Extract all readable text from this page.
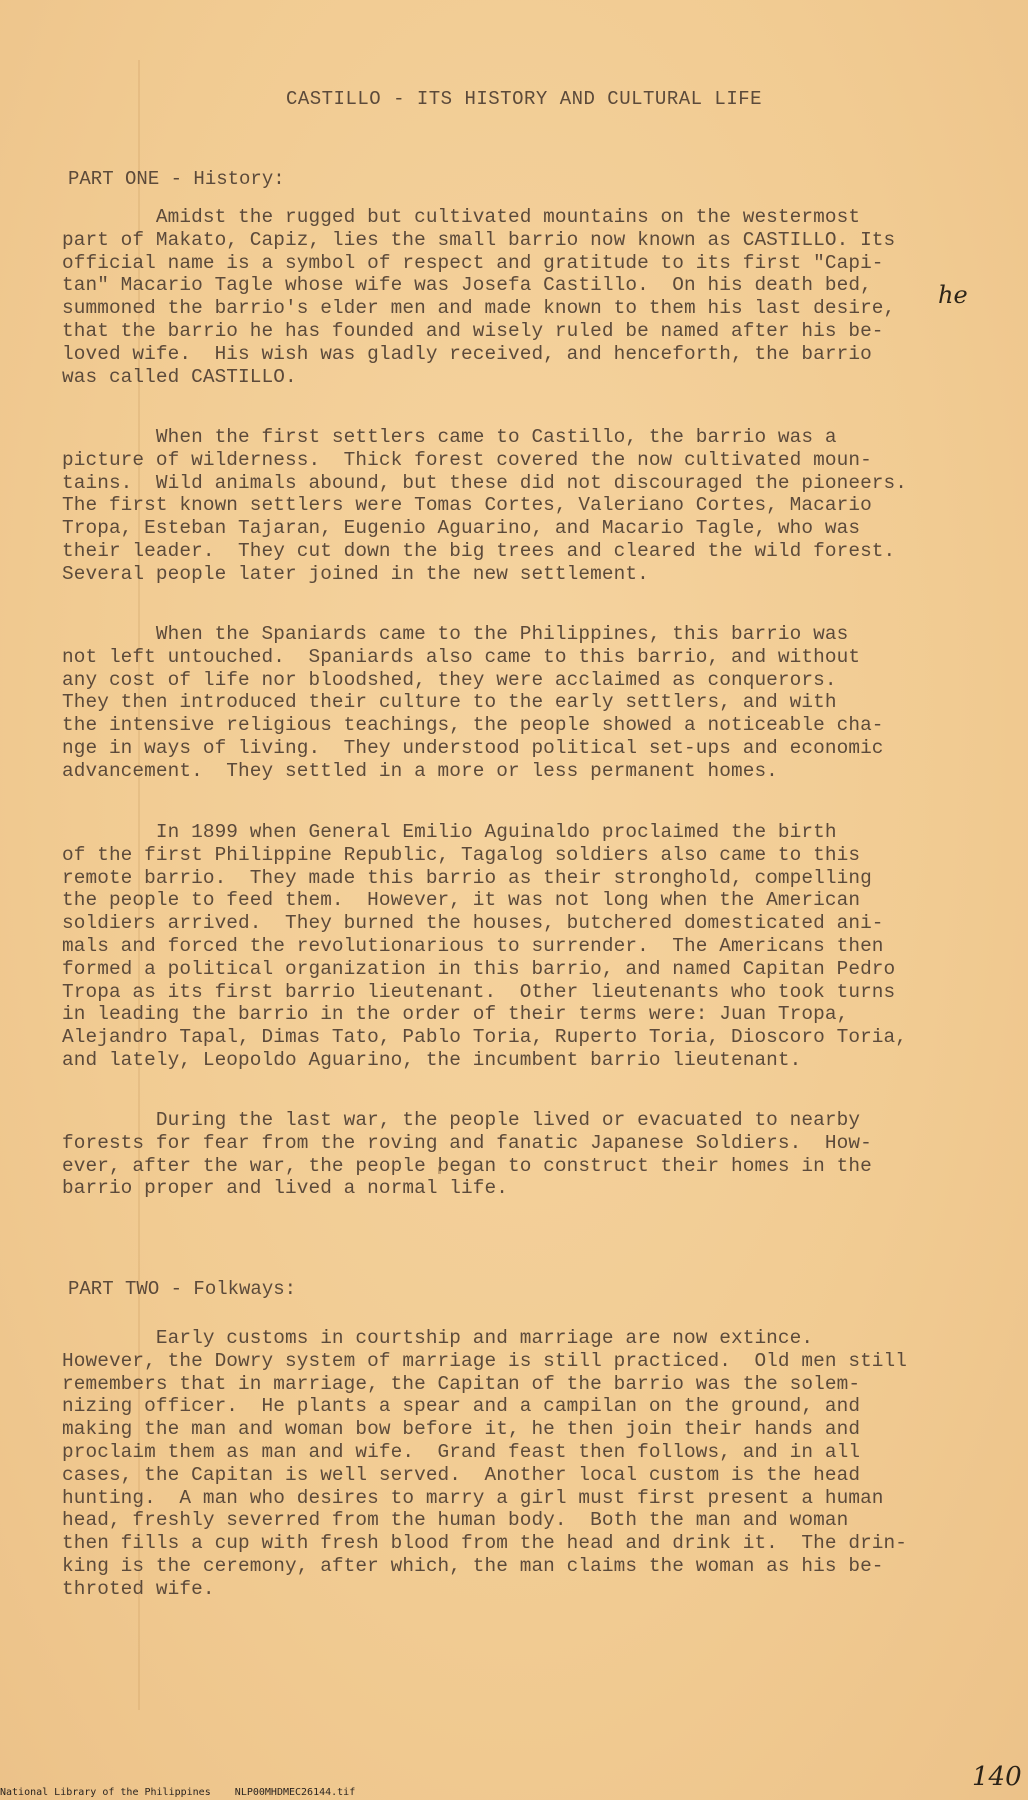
CASTILLO - ITS HISTORY AND CULTURAL LIFE
PART ONE - History:

Amidst the rugged but cultivated mountains on the westermost
part of Makato, Capiz, lies the small barrio now known as CASTILLO. Its
official name is a symbol of respect and gratitude to its first "Capi-
tan" Macario Tagle whose wife was Josefa Castillo.  On his death bed,
summoned the barrio's elder men and made known to them his last desire,
that the barrio he has founded and wisely ruled be named after his be-
loved wife.  His wish was gladly received, and henceforth, the barrio
was called CASTILLO.

he

When the first settlers came to Castillo, the barrio was a
picture of wilderness.  Thick forest covered the now cultivated moun-
tains.  Wild animals abound, but these did not discouraged the pioneers.
The first known settlers were Tomas Cortes, Valeriano Cortes, Macario
Tropa, Esteban Tajaran, Eugenio Aguarino, and Macario Tagle, who was
their leader.  They cut down the big trees and cleared the wild forest.
Several people later joined in the new settlement.

When the Spaniards came to the Philippines, this barrio was
not left untouched.  Spaniards also came to this barrio, and without
any cost of life nor bloodshed, they were acclaimed as conquerors.
They then introduced their culture to the early settlers, and with
the intensive religious teachings, the people showed a noticeable cha-
nge in ways of living.  They understood political set-ups and economic
advancement.  They settled in a more or less permanent homes.

In 1899 when General Emilio Aguinaldo proclaimed the birth
of the first Philippine Republic, Tagalog soldiers also came to this
remote barrio.  They made this barrio as their stronghold, compelling
the people to feed them.  However, it was not long when the American
soldiers arrived.  They burned the houses, butchered domesticated ani-
mals and forced the revolutionarious to surrender.  The Americans then
formed a political organization in this barrio, and named Capitan Pedro
Tropa as its first barrio lieutenant.  Other lieutenants who took turns
in leading the barrio in the order of their terms were: Juan Tropa,
Alejandro Tapal, Dimas Tato, Pablo Toria, Ruperto Toria, Dioscoro Toria,
and lately, Leopoldo Aguarino, the incumbent barrio lieutenant.

During the last war, the people lived or evacuated to nearby
forests for fear from the roving and fanatic Japanese Soldiers.  How-
ever, after the war, the people began to construct their homes in the
barrio proper and lived a normal life.

PART TWO - Folkways:

Early customs in courtship and marriage are now extince.
However, the Dowry system of marriage is still practiced.  Old men still
remembers that in marriage, the Capitan of the barrio was the solem-
nizing officer.  He plants a spear and a campilan on the ground, and
making the man and woman bow before it, he then join their hands and
proclaim them as man and wife.  Grand feast then follows, and in all
cases, the Capitan is well served.  Another local custom is the head
hunting.  A man who desires to marry a girl must first present a human
head, freshly severred from the human body.  Both the man and woman
then fills a cup with fresh blood from the head and drink it.  The drin-
king is the ceremony, after which, the man claims the woman as his be-
throted wife.

140
National Library of the Philippines    NLP00MHDMEC26144.tif
